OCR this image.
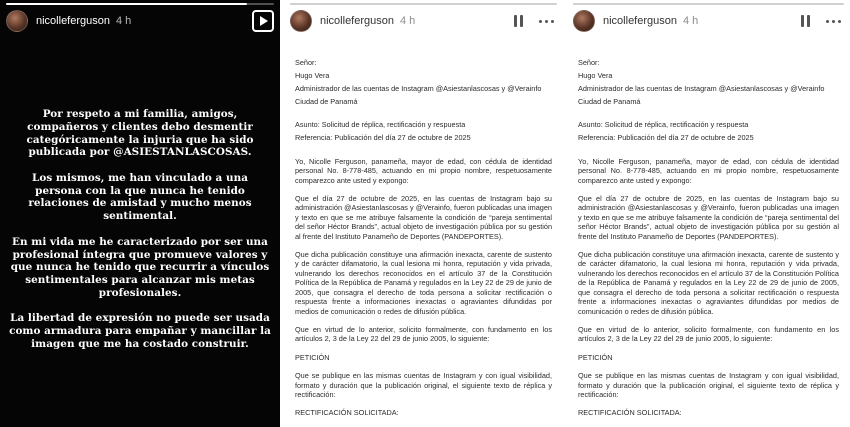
nicolleferguson 4 h

Por respeto a mi familia, amigos, compañeros y clientes debo desmentir categóricamente la injuria que ha sido publicada por @ASIESTANLASCOSAS.

Los mismos, me han vinculado a una persona con la que nunca he tenido relaciones de amistad y mucho menos sentimental.

En mi vida me he caracterizado por ser una profesional íntegra que promueve valores y que nunca he tenido que recurrir a vínculos sentimentales para alcanzar mis metas profesionales.

La libertad de expresión no puede ser usada como armadura para empañar y mancillar la imagen que me ha costado construir.

nicolleferguson 4 h

Señor:

Hugo Vera

Administrador de las cuentas de Instagram @Asiestanlascosas y @Verainfo

Ciudad de Panamá

Asunto: Solicitud de réplica, rectificación y respuesta

Referencia: Publicación del día 27 de octubre de 2025

Yo, Nicolle Ferguson, panameña, mayor de edad, con cédula de identidad personal No. 8-778-485, actuando en mi propio nombre, respetuosamente comparezco ante usted y expongo:

Que el día 27 de octubre de 2025, en las cuentas de Instagram bajo su administración @Asiestanlascosas y @Verainfo, fueron publicadas una imagen y texto en que se me atribuye falsamente la condición de “pareja sentimental del señor Héctor Brands”, actual objeto de investigación pública por su gestión al frente del Instituto Panameño de Deportes (PANDEPORTES).

Que dicha publicación constituye una afirmación inexacta, carente de sustento y de carácter difamatorio, la cual lesiona mi honra, reputación y vida privada, vulnerando los derechos reconocidos en el artículo 37 de la Constitución Política de la República de Panamá y regulados en la Ley 22 de 29 de junio de 2005, que consagra el derecho de toda persona a solicitar rectificación o respuesta frente a informaciones inexactas o agraviantes difundidas por medios de comunicación o redes de difusión pública.

Que en virtud de lo anterior, solicito formalmente, con fundamento en los artículos 2, 3 de la Ley 22 del 29 de junio 2005, lo siguiente:

PETICIÓN

Que se publique en las mismas cuentas de Instagram y con igual visibilidad, formato y duración que la publicación original, el siguiente texto de réplica y rectificación:

RECTIFICACIÓN SOLICITADA:

nicolleferguson 4 h

Señor:

Hugo Vera

Administrador de las cuentas de Instagram @Asiestanlascosas y @Verainfo

Ciudad de Panamá

Asunto: Solicitud de réplica, rectificación y respuesta

Referencia: Publicación del día 27 de octubre de 2025

Yo, Nicolle Ferguson, panameña, mayor de edad, con cédula de identidad personal No. 8-778-485, actuando en mi propio nombre, respetuosamente comparezco ante usted y expongo:

Que el día 27 de octubre de 2025, en las cuentas de Instagram bajo su administración @Asiestanlascosas y @Verainfo, fueron publicadas una imagen y texto en que se me atribuye falsamente la condición de “pareja sentimental del señor Héctor Brands”, actual objeto de investigación pública por su gestión al frente del Instituto Panameño de Deportes (PANDEPORTES).

Que dicha publicación constituye una afirmación inexacta, carente de sustento y de carácter difamatorio, la cual lesiona mi honra, reputación y vida privada, vulnerando los derechos reconocidos en el artículo 37 de la Constitución Política de la República de Panamá y regulados en la Ley 22 de 29 de junio de 2005, que consagra el derecho de toda persona a solicitar rectificación o respuesta frente a informaciones inexactas o agraviantes difundidas por medios de comunicación o redes de difusión pública.

Que en virtud de lo anterior, solicito formalmente, con fundamento en los artículos 2, 3 de la Ley 22 del 29 de junio 2005, lo siguiente:

PETICIÓN

Que se publique en las mismas cuentas de Instagram y con igual visibilidad, formato y duración que la publicación original, el siguiente texto de réplica y rectificación:

RECTIFICACIÓN SOLICITADA:
